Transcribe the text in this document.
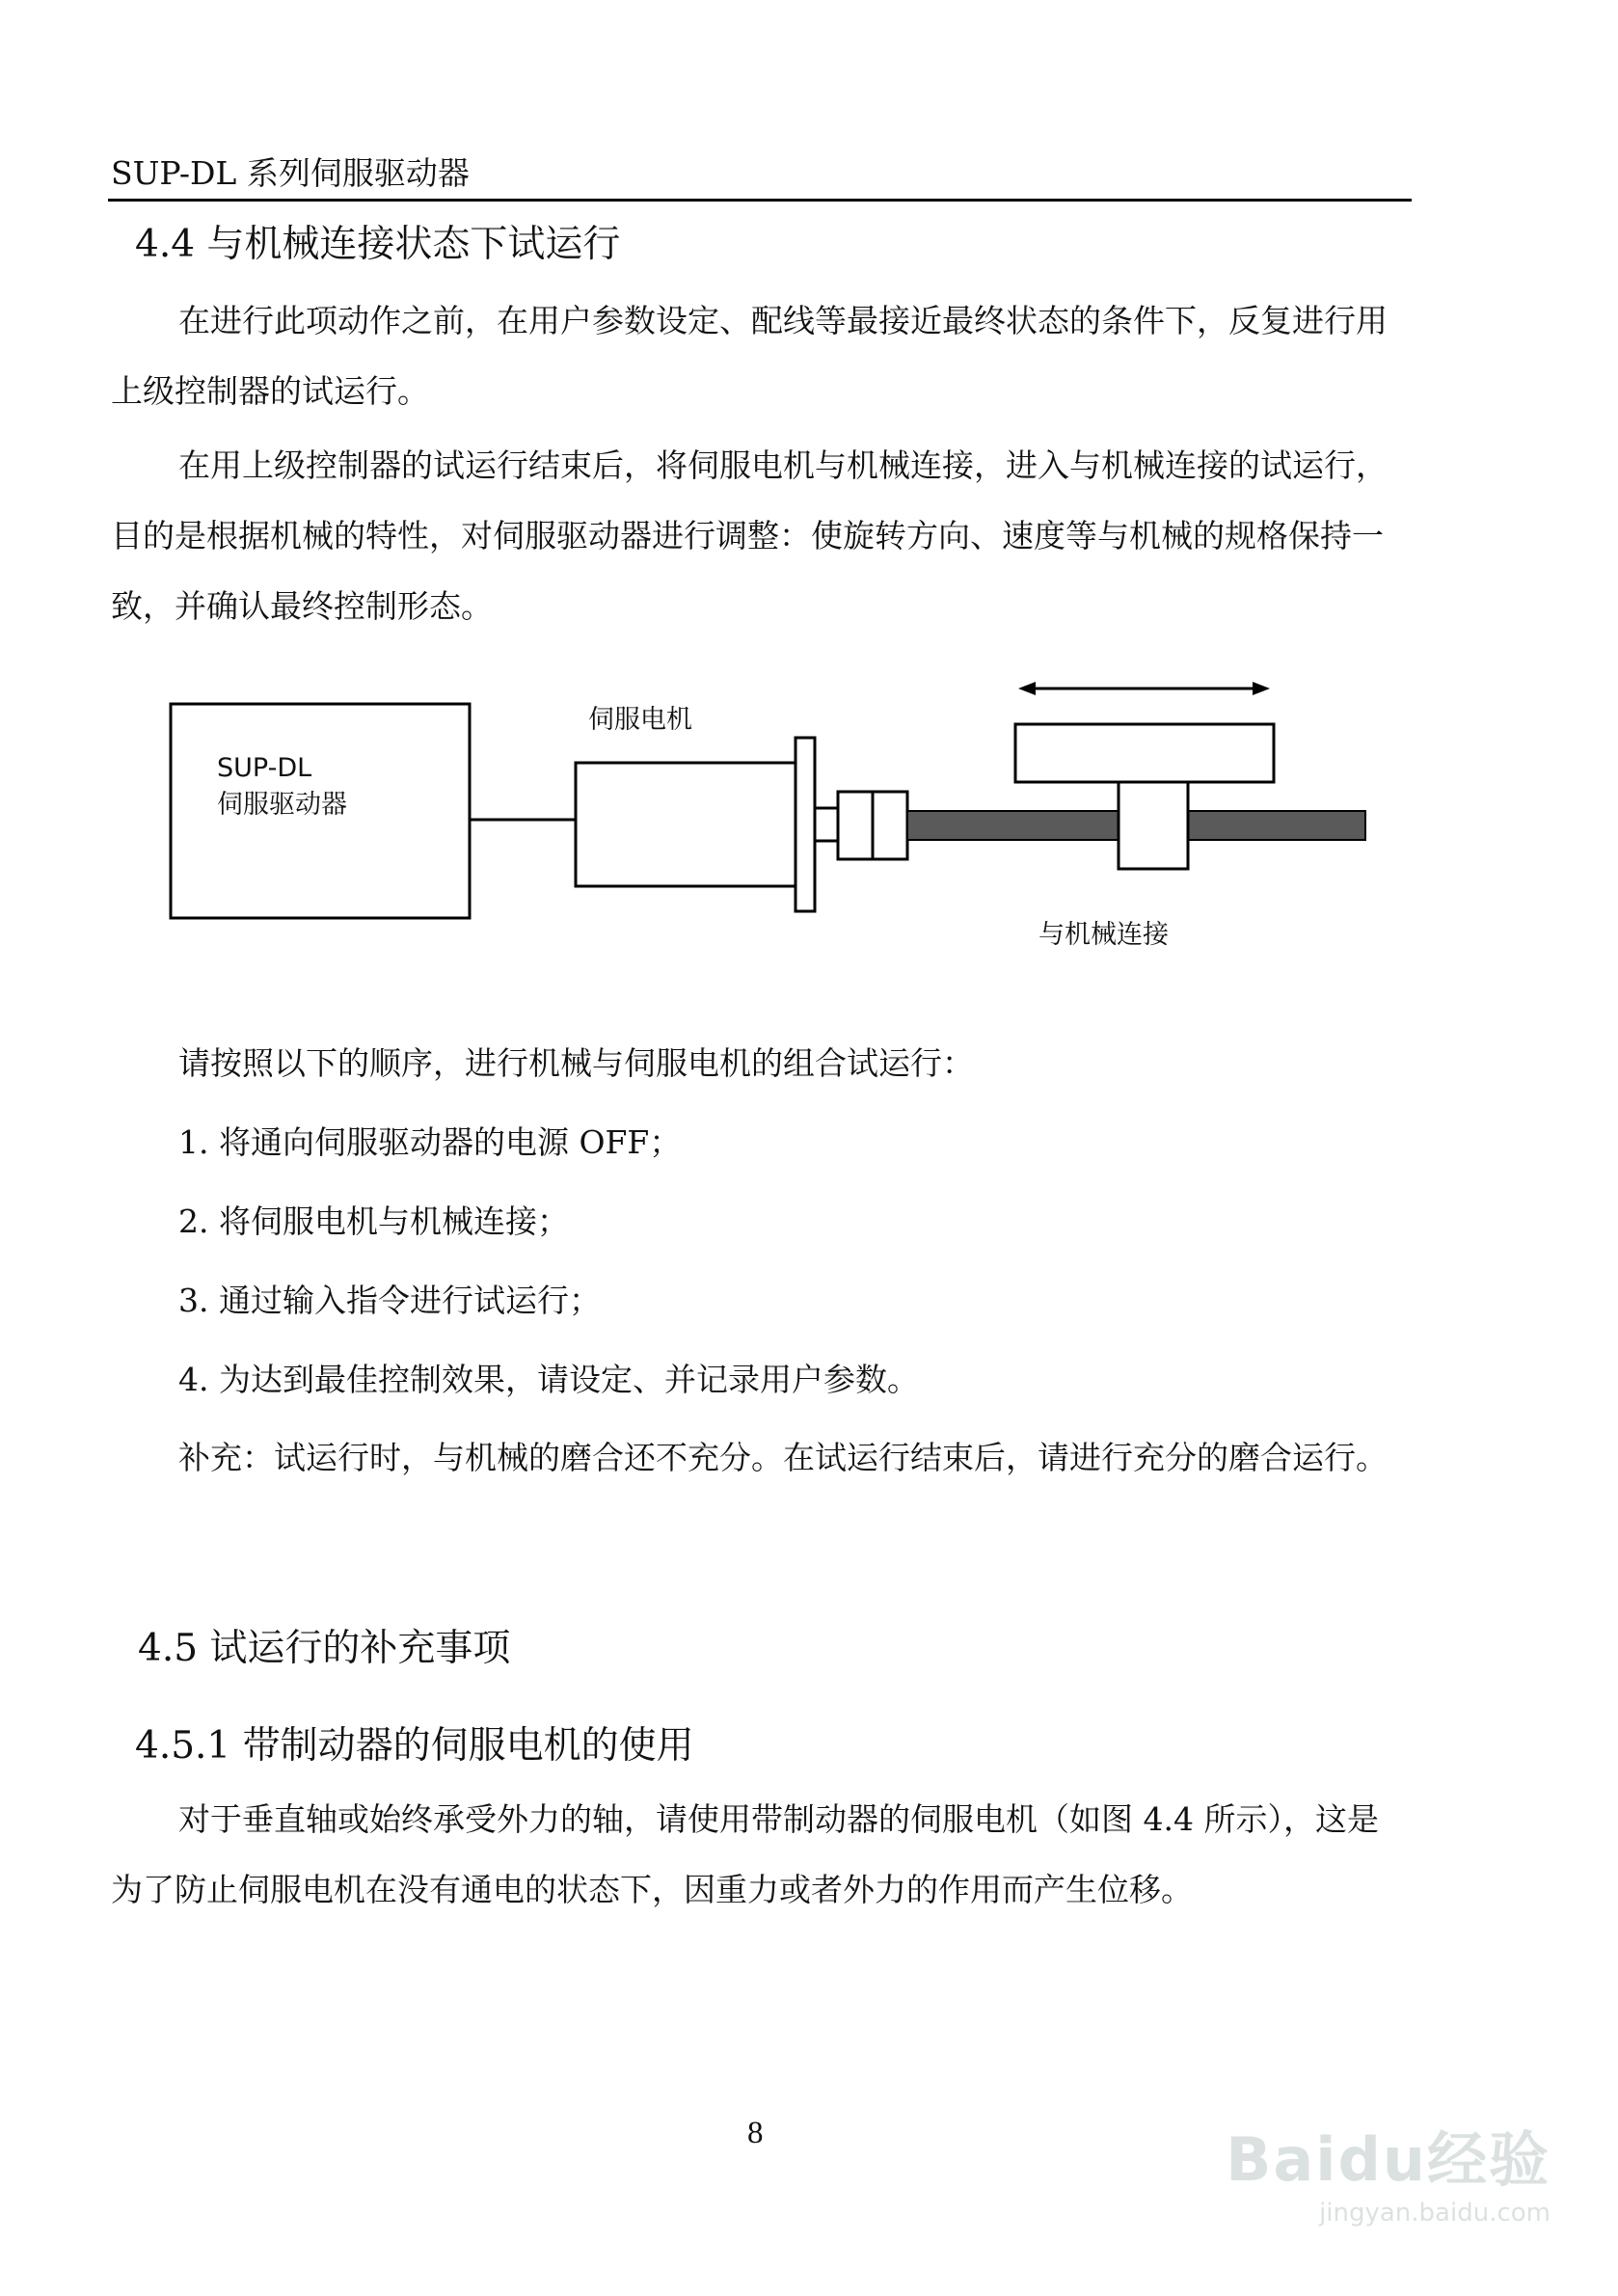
SUP-DL 系列伺服驱动器
4.4 与机械连接状态下试运行
在进行此项动作之前，在用户参数设定、配线等最接近最终状态的条件下，反复进行用上级控制器的试运行。
在用上级控制器的试运行结束后，将伺服电机与机械连接，进入与机械连接的试运行，目的是根据机械的特性，对伺服驱动器进行调整：使旋转方向、速度等与机械的规格保持一致，并确认最终控制形态。
SUP-DL
伺服驱动器
伺服电机
与机械连接
请按照以下的顺序，进行机械与伺服电机的组合试运行：
1. 将通向伺服驱动器的电源 OFF；
2. 将伺服电机与机械连接；
3. 通过输入指令进行试运行；
4. 为达到最佳控制效果，请设定、并记录用户参数。
补充：试运行时，与机械的磨合还不充分。在试运行结束后，请进行充分的磨合运行。
4.5 试运行的补充事项
4.5.1 带制动器的伺服电机的使用
对于垂直轴或始终承受外力的轴，请使用带制动器的伺服电机（如图 4.4 所示），这是为了防止伺服电机在没有通电的状态下，因重力或者外力的作用而产生位移。
8	Baidu经验
jingyan.baidu.com
